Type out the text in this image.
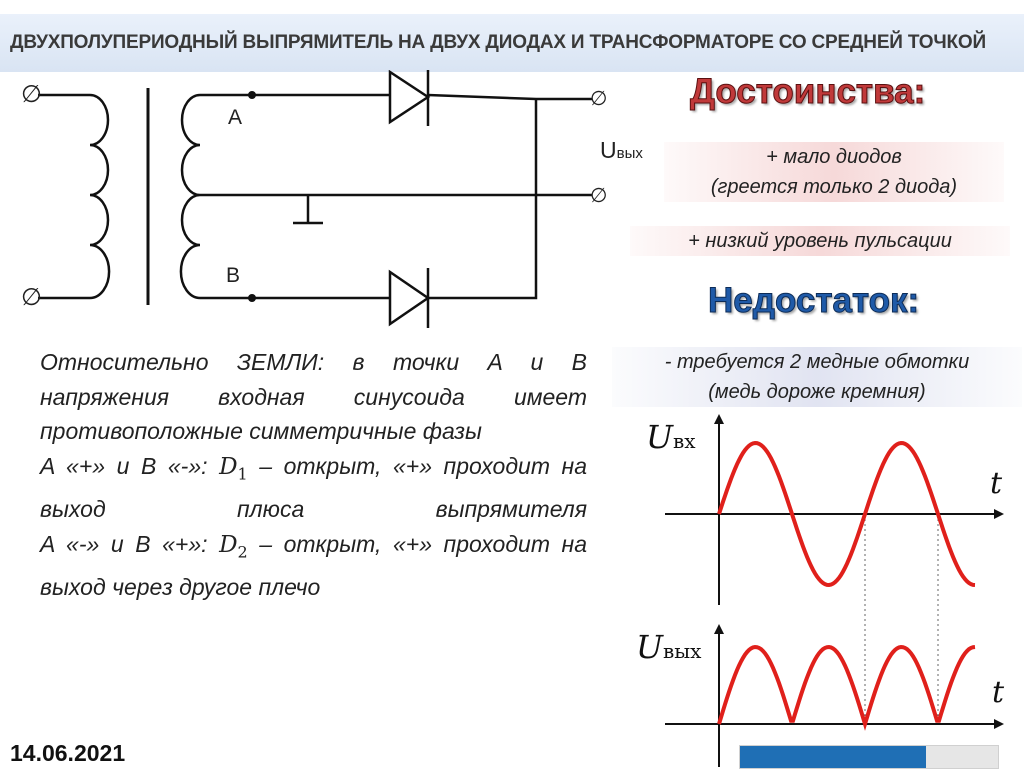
ДВУХПОЛУПЕРИОДНЫЙ ВЫПРЯМИТЕЛЬ НА ДВУХ ДИОДАХ И ТРАНСФОРМАТОРЕ СО СРЕДНЕЙ ТОЧКОЙ
∅
∅
∅
∅
A
B
Uвых
Достоинства:
+ мало диодов
(греется только 2 диода)
+ низкий уровень пульсации
Недостаток:
- требуется 2 медные обмотки
(медь дороже кремния)

Относительно ЗЕМЛИ: в точки A и B напряжения входная синусоида имеет противоположные симметричные фазы

A «+» и B «-»: $D_1$ – открыт, «+» проходит на выход плюса выпрямителя

A «-» и B «+»: $D_2$ – открыт, «+» проходит на выход через другое плечо

Uвх
t
Uвых
t
14.06.2021
